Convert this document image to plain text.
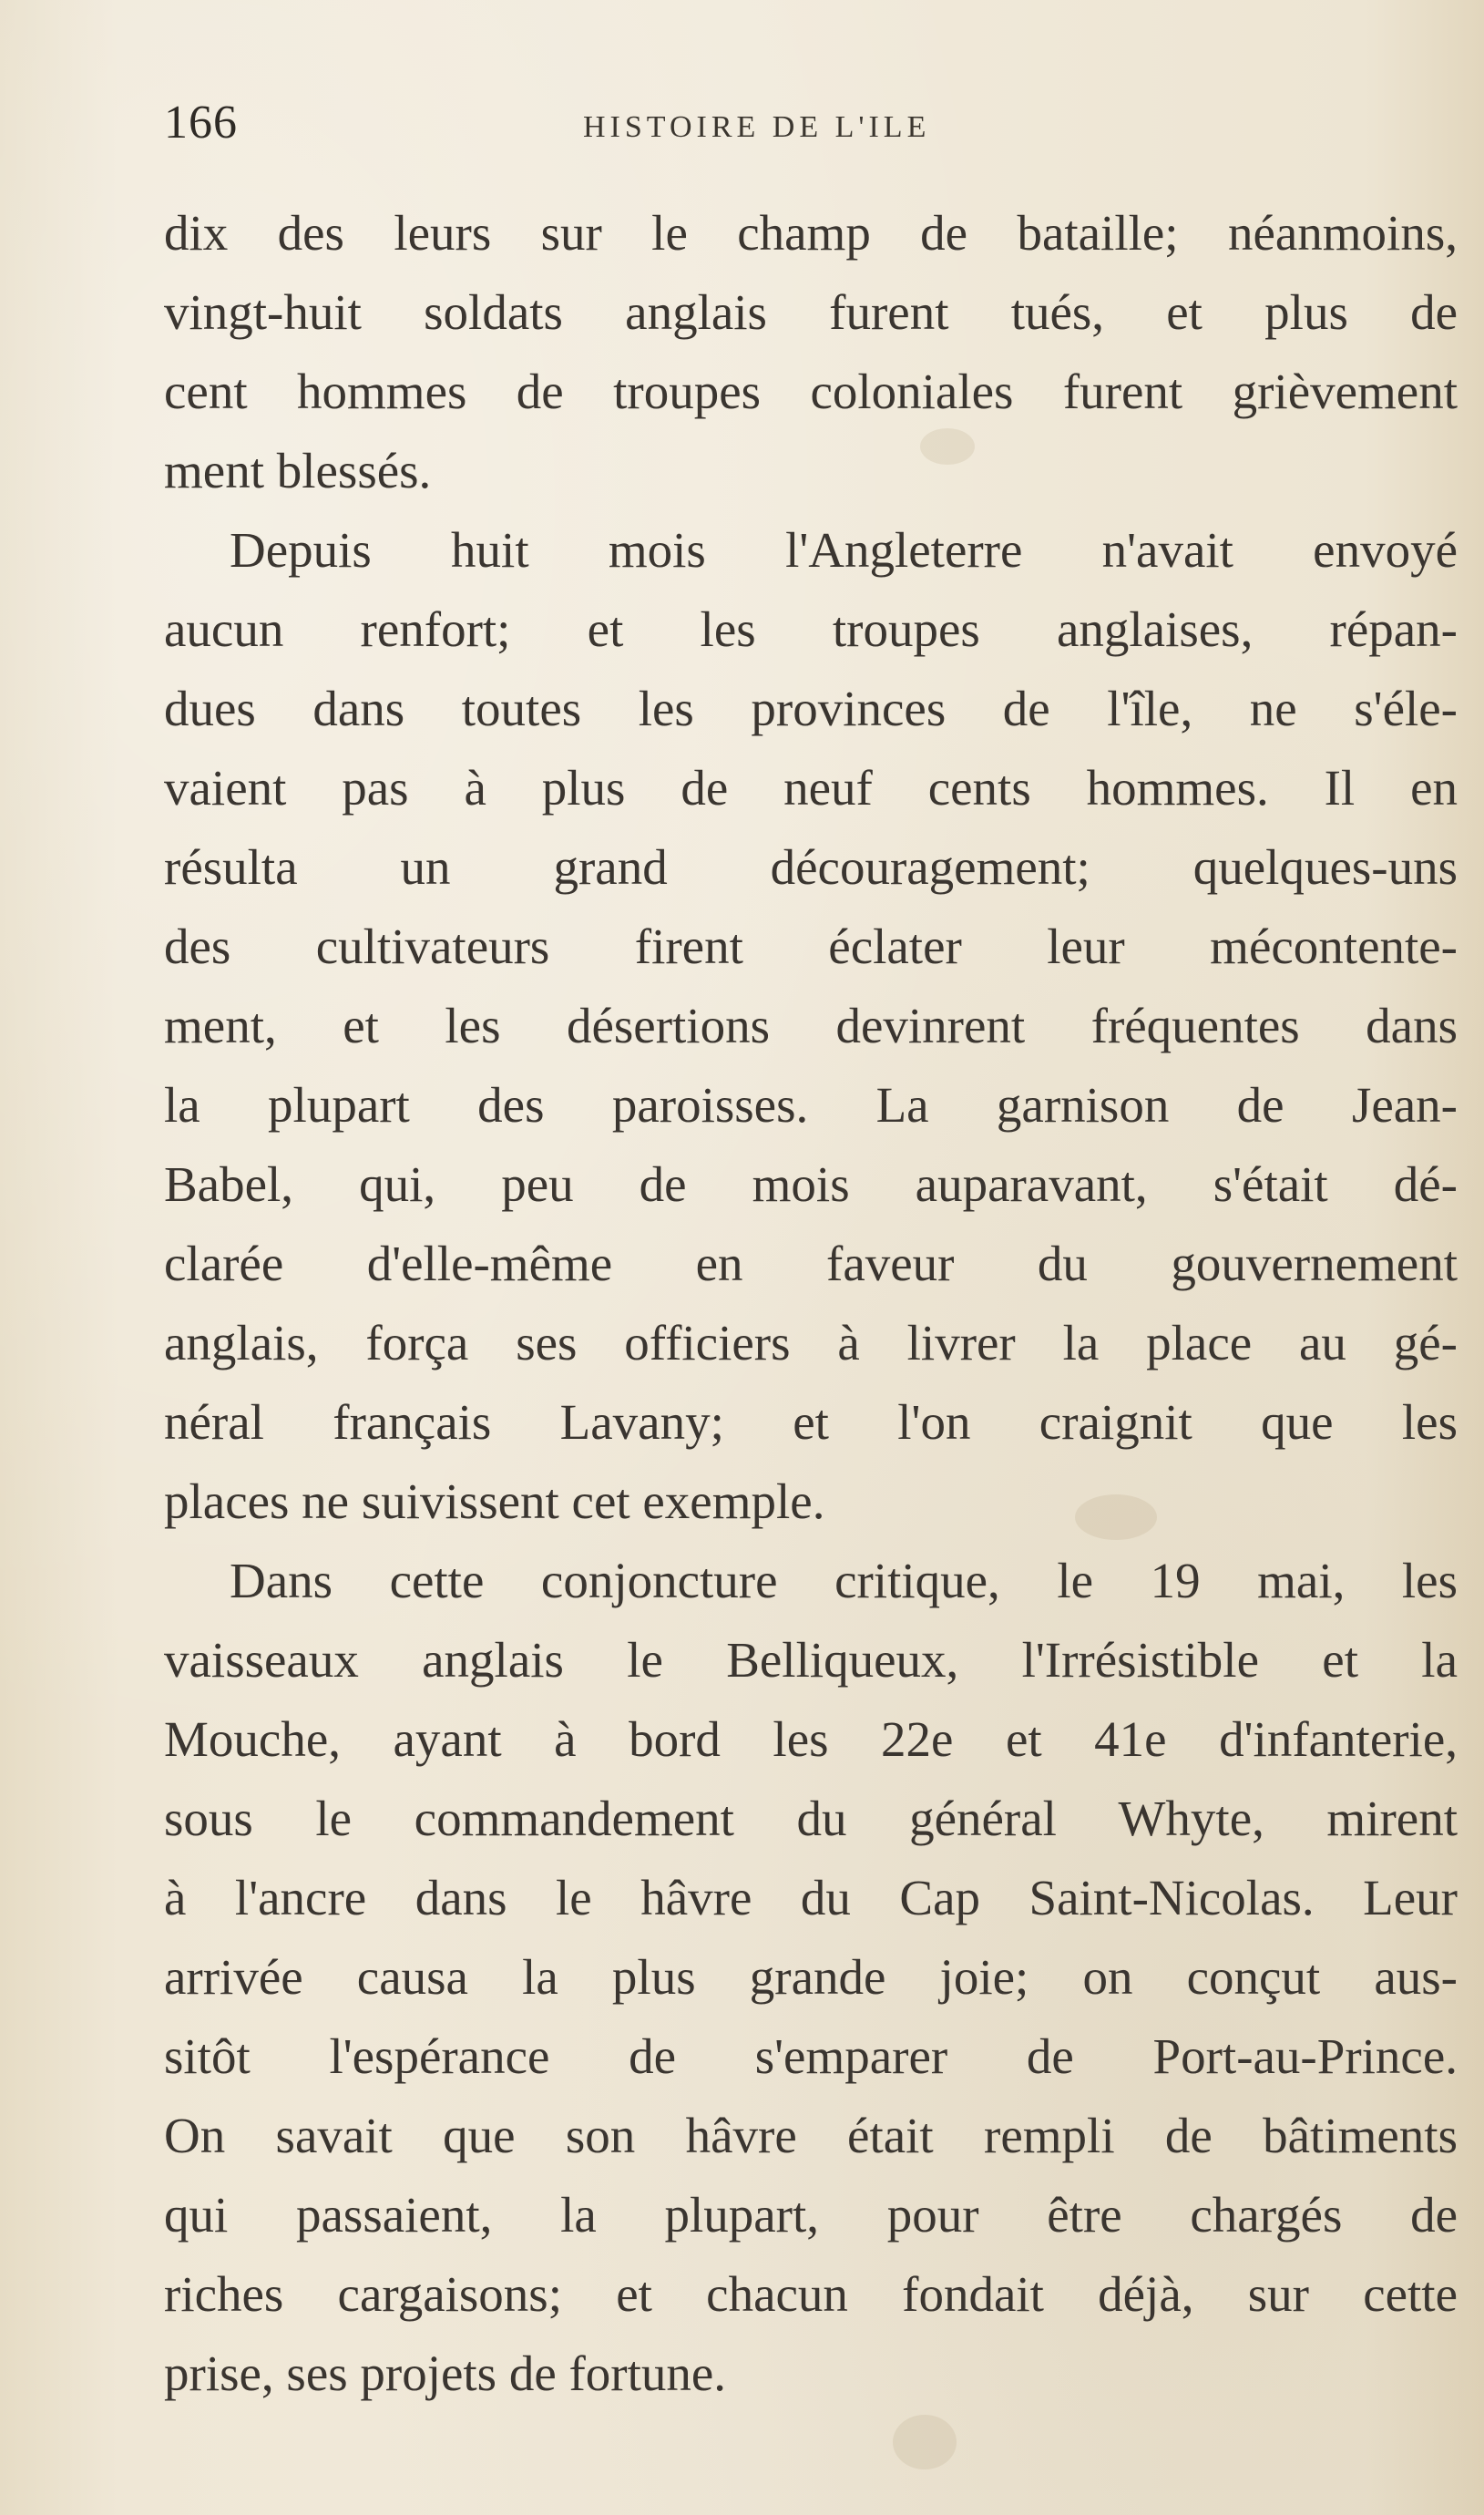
166	HISTOIRE DE L'ILE
dix des leurs sur le champ de bataille; néanmoins,
vingt-huit soldats anglais furent tués, et plus de
cent hommes de troupes coloniales furent grièvement
ment blessés.
Depuis huit mois l'Angleterre n'avait envoyé
aucun renfort; et les troupes anglaises, répan-
dues dans toutes les provinces de l'île, ne s'éle-
vaient pas à plus de neuf cents hommes. Il en
résulta un grand découragement; quelques-uns
des cultivateurs firent éclater leur mécontente-
ment, et les désertions devinrent fréquentes dans
la plupart des paroisses. La garnison de Jean-
Babel, qui, peu de mois auparavant, s'était dé-
clarée d'elle-même en faveur du gouvernement
anglais, força ses officiers à livrer la place au gé-
néral français Lavany; et l'on craignit que les
places ne suivissent cet exemple.
Dans cette conjoncture critique, le 19 mai, les
vaisseaux anglais le Belliqueux, l'Irrésistible et la
Mouche, ayant à bord les 22e et 41e d'infanterie,
sous le commandement du général Whyte, mirent
à l'ancre dans le hâvre du Cap Saint-Nicolas. Leur
arrivée causa la plus grande joie; on conçut aus-
sitôt l'espérance de s'emparer de Port-au-Prince.
On savait que son hâvre était rempli de bâtiments
qui passaient, la plupart, pour être chargés de
riches cargaisons; et chacun fondait déjà, sur cette
prise, ses projets de fortune.
